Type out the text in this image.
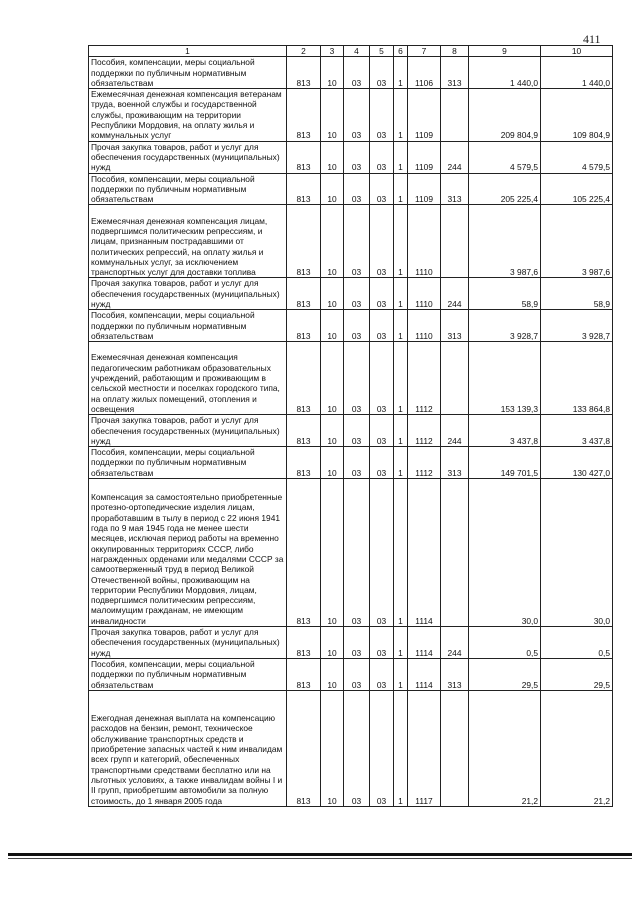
411
1	2	3	4	5	6	7	8	9	10
Пособия, компенсации, меры социальной поддержки по публичным нормативным обязательствам	813	10	03	03	1	1106	313	1 440,0	1 440,0
Ежемесячная денежная компенсация ветеранам труда, военной службы и государственной службы, проживающим на территории Республики Мордовия, на оплату жилья и коммунальных услуг	813	10	03	03	1	1109		209 804,9	109 804,9
Прочая закупка товаров, работ и услуг для обеспечения государственных (муниципальных) нужд	813	10	03	03	1	1109	244	4 579,5	4 579,5
Пособия, компенсации, меры социальной поддержки по публичным нормативным обязательствам	813	10	03	03	1	1109	313	205 225,4	105 225,4
Ежемесячная денежная компенсация лицам, подвергшимся политическим репрессиям, и лицам, признанным пострадавшими от политических репрессий, на оплату жилья и коммунальных услуг, за исключением транспортных услуг для доставки топлива	813	10	03	03	1	1110		3 987,6	3 987,6
Прочая закупка товаров, работ и услуг для обеспечения государственных (муниципальных) нужд	813	10	03	03	1	1110	244	58,9	58,9
Пособия, компенсации, меры социальной поддержки по публичным нормативным обязательствам	813	10	03	03	1	1110	313	3 928,7	3 928,7
Ежемесячная денежная компенсация педагогическим работникам образовательных учреждений, работающим и проживающим в сельской местности и поселках городского типа, на оплату жилых помещений, отопления и освещения	813	10	03	03	1	1112		153 139,3	133 864,8
Прочая закупка товаров, работ и услуг для обеспечения государственных (муниципальных) нужд	813	10	03	03	1	1112	244	3 437,8	3 437,8
Пособия, компенсации, меры социальной поддержки по публичным нормативным обязательствам	813	10	03	03	1	1112	313	149 701,5	130 427,0
Компенсация за самостоятельно приобретенные протезно-ортопедические изделия лицам, проработавшим в тылу в период с 22 июня 1941 года по 9 мая 1945 года не менее шести месяцев, исключая период работы на временно оккупированных территориях СССР, либо награжденных орденами или медалями СССР за самоотверженный труд в период Великой Отечественной войны, проживающим на территории Республики Мордовия, лицам, подвергшимся политическим репрессиям, малоимущим гражданам, не имеющим инвалидности	813	10	03	03	1	1114		30,0	30,0
Прочая закупка товаров, работ и услуг для обеспечения государственных (муниципальных) нужд	813	10	03	03	1	1114	244	0,5	0,5
Пособия, компенсации, меры социальной поддержки по публичным нормативным обязательствам	813	10	03	03	1	1114	313	29,5	29,5
Ежегодная денежная выплата на компенсацию расходов на бензин, ремонт, техническое обслуживание транспортных средств и приобретение запасных частей к ним инвалидам всех групп и категорий, обеспеченных транспортными средствами бесплатно или на льготных условиях, а также инвалидам войны I и II групп, приобретшим автомобили за полную стоимость, до 1 января 2005 года	813	10	03	03	1	1117		21,2	21,2
